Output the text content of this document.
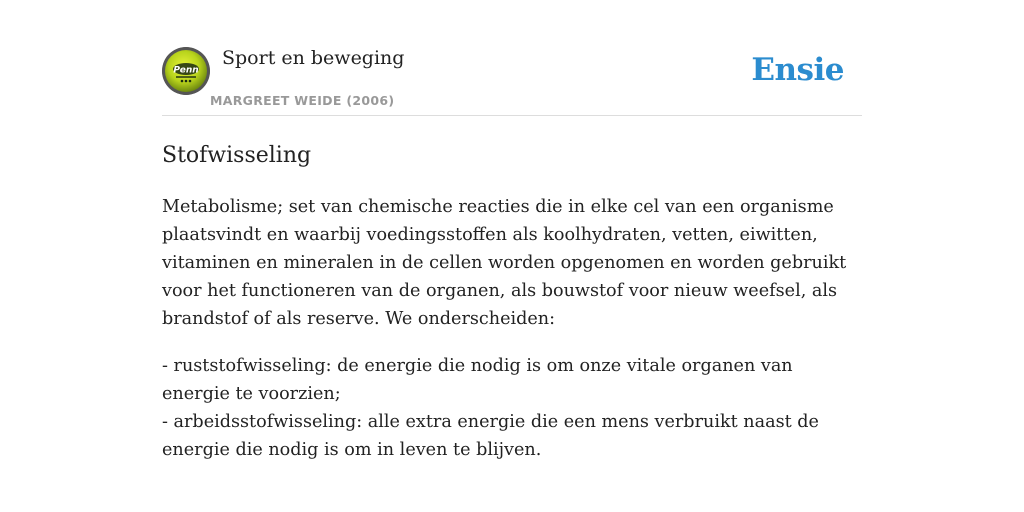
Penn
Sport en beweging
MARGREET WEIDE (2006)
Ensie
Stofwisseling

Metabolisme; set van chemische reacties die in elke cel van een organisme plaatsvindt en waarbij voedingsstoffen als koolhydraten, vetten, eiwitten, vitaminen en mineralen in de cellen worden opgenomen en worden gebruikt voor het functioneren van de organen, als bouwstof voor nieuw weefsel, als brandstof of als reserve. We onderscheiden:

- ruststofwisseling: de energie die nodig is om onze vitale organen van energie te voorzien;
- arbeidsstofwisseling: alle extra energie die een mens verbruikt naast de energie die nodig is om in leven te blijven.
